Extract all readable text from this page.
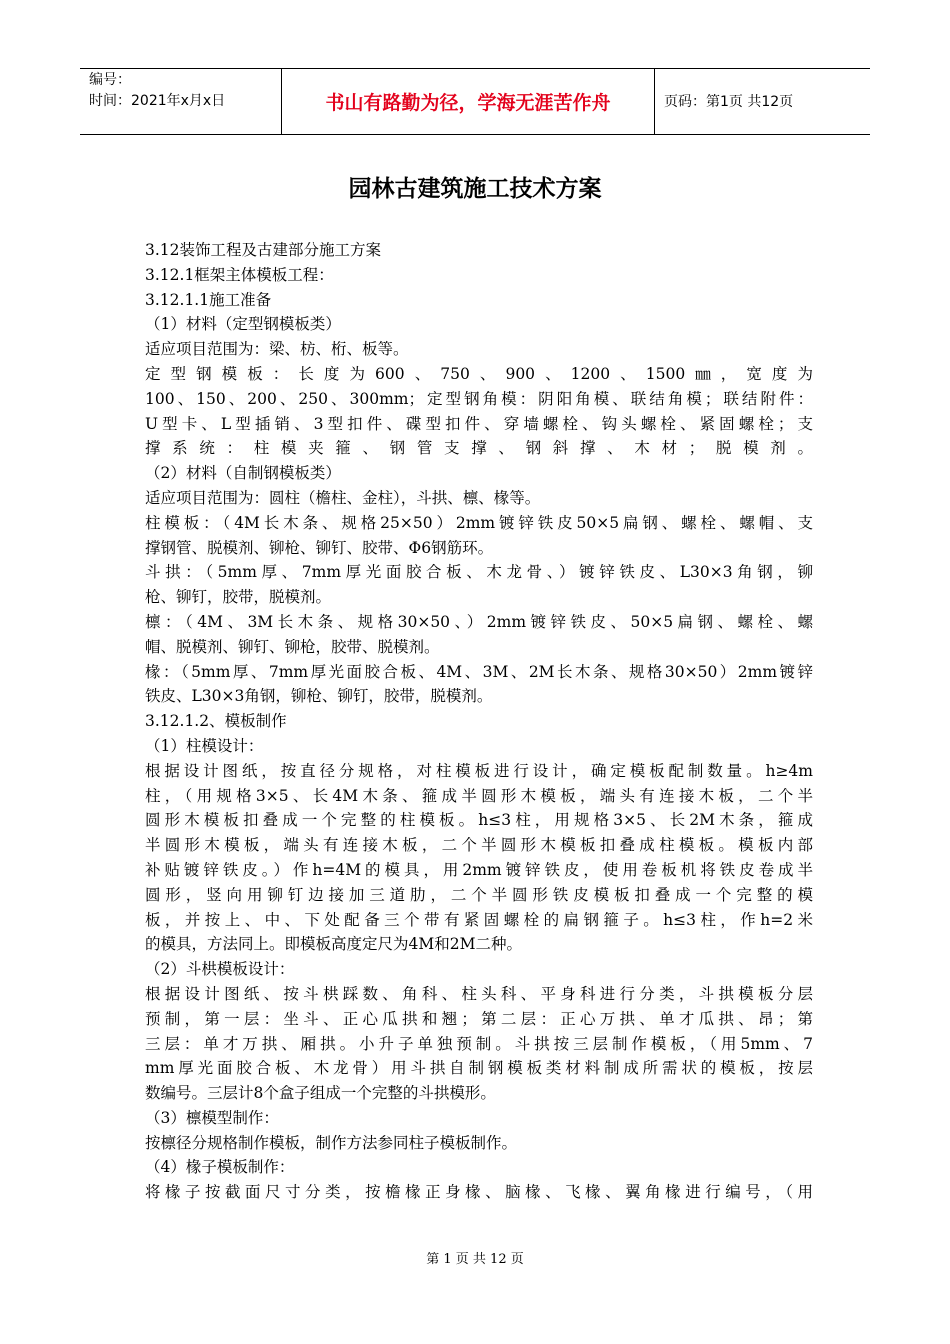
编号：
时间：2021年x月x日	书山有路勤为径，学海无涯苦作舟	页码：第1页 共12页
园林古建筑施工技术方案
3.12装饰工程及古建部分施工方案
3.12.1框架主体模板工程：
3.12.1.1施工准备
（1）材料（定型钢模板类）
适应项目范围为：梁、枋、桁、板等。
定型钢模板：长度为600、750、900、1200、1500㎜，宽度为
100、150、200、250、300mm；定型钢角模：阴阳角模、联结角模；联结附件：
U型卡、L型插销、3型扣件、碟型扣件、穿墙螺栓、钩头螺栓、紧固螺栓；支
撑系统：柱模夹箍、钢管支撑、钢斜撑、木材；脱模剂。
（2）材料（自制钢模板类）
适应项目范围为：圆柱（檐柱、金柱），斗拱、檩、椽等。
柱模板：（4M长木条、规格25×50）2mm镀锌铁皮50×5扁钢、螺栓、螺帽、支
撑钢管、脱模剂、铆枪、铆钉、胶带、Φ6钢筋环。
斗拱：（5mm厚、7mm厚光面胶合板、木龙骨、）镀锌铁皮、L30×3角钢，铆
枪、铆钉，胶带，脱模剂。
檩：（4M、3M长木条、规格30×50、）2mm镀锌铁皮、50×5扁钢、螺栓、螺
帽、脱模剂、铆钉、铆枪，胶带、脱模剂。
椽：（5mm厚、7mm厚光面胶合板、4M、3M、2M长木条、规格30×50）2mm镀锌
铁皮、L30×3角钢，铆枪、铆钉，胶带，脱模剂。
3.12.1.2、模板制作
（1）柱模设计：
根据设计图纸，按直径分规格，对柱模板进行设计，确定模板配制数量。h≥4m
柱，（用规格3×5、长4M木条、箍成半圆形木模板，端头有连接木板，二个半
圆形木模板扣叠成一个完整的柱模板。h≤3柱，用规格3×5、长2M木条，箍成
半圆形木模板，端头有连接木板，二个半圆形木模板扣叠成柱模板。模板内部
补贴镀锌铁皮。）作h=4M的模具，用2mm镀锌铁皮，使用卷板机将铁皮卷成半
圆形，竖向用铆钉边接加三道肋，二个半圆形铁皮模板扣叠成一个完整的模
板，并按上、中、下处配备三个带有紧固螺栓的扁钢箍子。h≤3柱，作h=2米
的模具，方法同上。即模板高度定尺为4M和2M二种。
（2）斗栱模板设计：
根据设计图纸、按斗栱踩数、角科、柱头科、平身科进行分类，斗拱模板分层
预制，第一层：坐斗、正心瓜拱和翘；第二层：正心万拱、单才瓜拱、昂；第
三层：单才万拱、厢拱。小升子单独预制。斗拱按三层制作模板，（用5mm、7
mm厚光面胶合板、木龙骨）用斗拱自制钢模板类材料制成所需状的模板，按层
数编号。三层计8个盒子组成一个完整的斗拱模形。
（3）檩模型制作：
按檩径分规格制作模板，制作方法参同柱子模板制作。
（4）椽子模板制作：
将椽子按截面尺寸分类，按檐椽正身椽、脑椽、飞椽、翼角椽进行编号，（用
第 1 页 共 12 页
